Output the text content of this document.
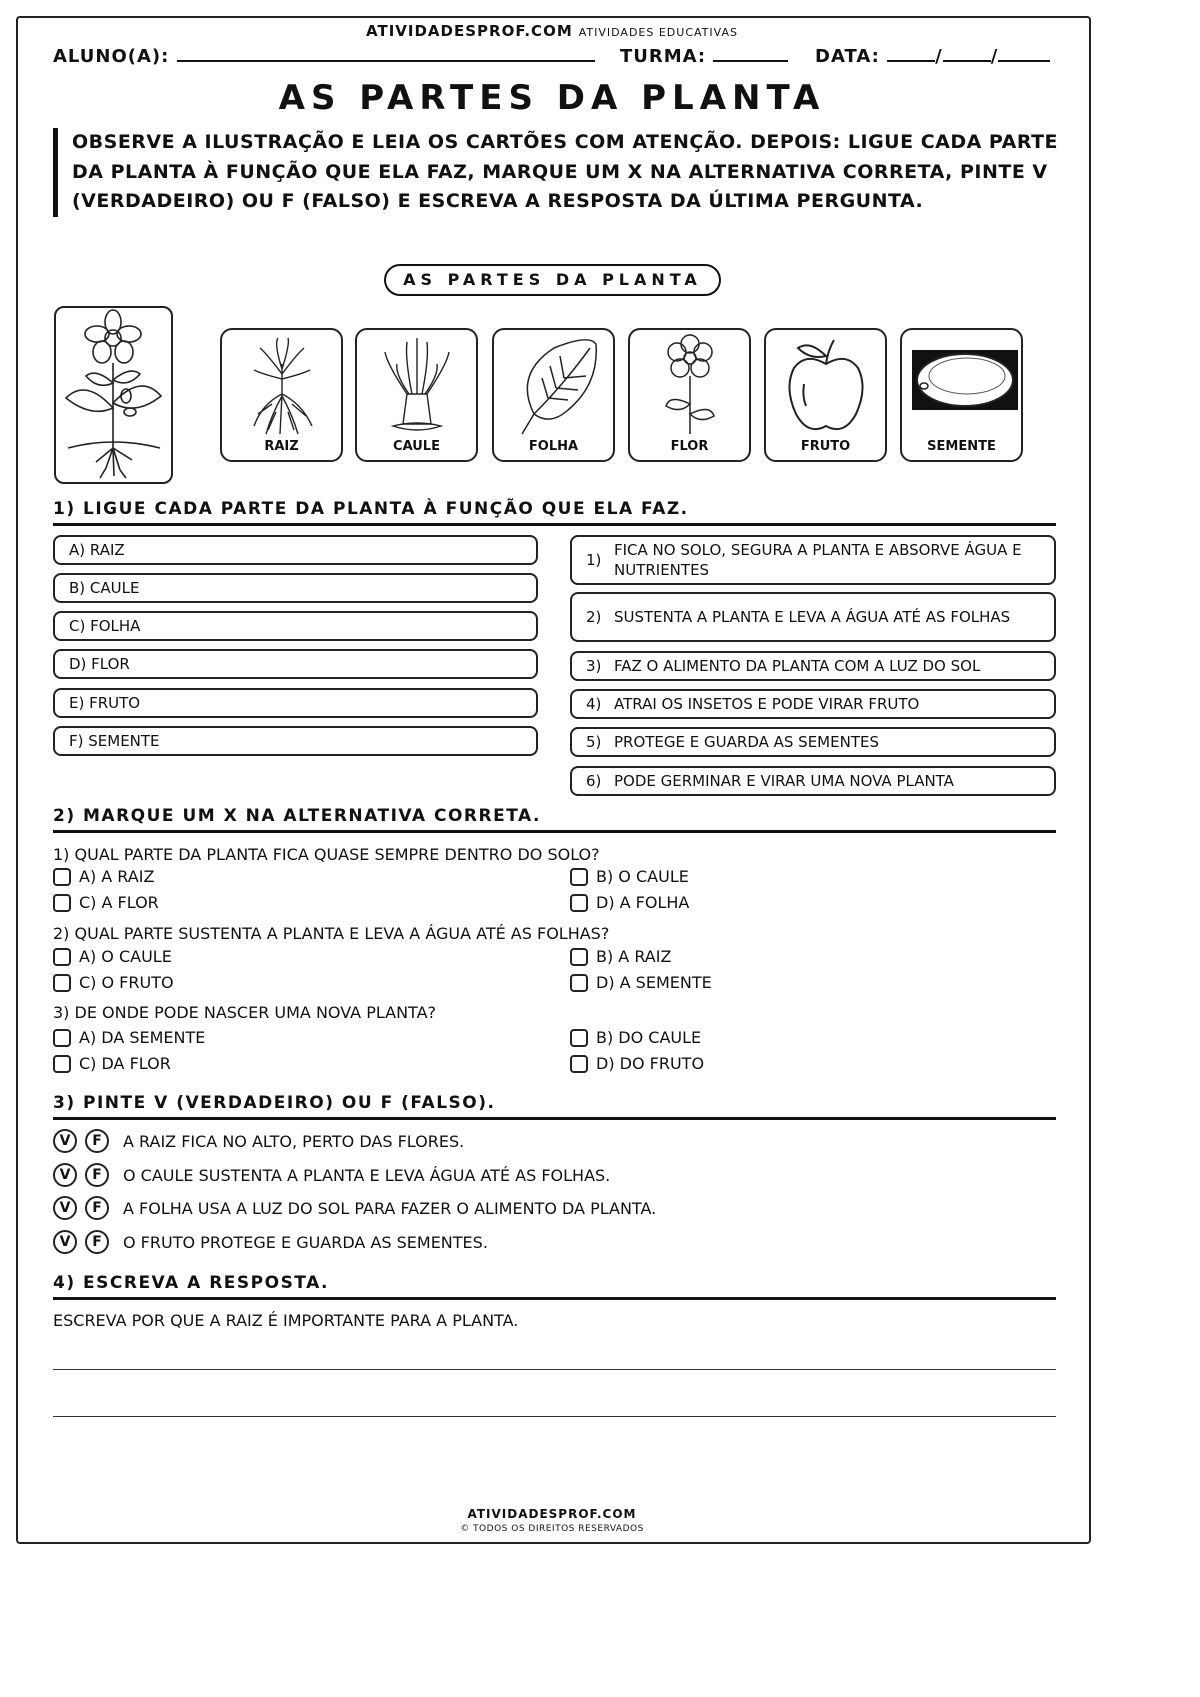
ATIVIDADESPROF.COM ATIVIDADES EDUCATIVAS
ALUNO(A):	TURMA:	DATA:	/	/
AS PARTES DA PLANTA
OBSERVE A ILUSTRAÇÃO E LEIA OS CARTÕES COM ATENÇÃO. DEPOIS: LIGUE CADA PARTE DA PLANTA À FUNÇÃO QUE ELA FAZ, MARQUE UM X NA ALTERNATIVA CORRETA, PINTE V (VERDADEIRO) OU F (FALSO) E ESCREVA A RESPOSTA DA ÚLTIMA PERGUNTA.
AS PARTES DA PLANTA
RAIZ	CAULE	FOLHA	FLOR	FRUTO	SEMENTE
1) LIGUE CADA PARTE DA PLANTA À FUNÇÃO QUE ELA FAZ.
A) RAIZ
B) CAULE
C) FOLHA
D) FLOR
E) FRUTO
F) SEMENTE
1)
FICA NO SOLO, SEGURA A PLANTA E ABSORVE ÁGUA E NUTRIENTES
2) SUSTENTA A PLANTA E LEVA A ÁGUA ATÉ AS FOLHAS
3) FAZ O ALIMENTO DA PLANTA COM A LUZ DO SOL
4) ATRAI OS INSETOS E PODE VIRAR FRUTO
5) PROTEGE E GUARDA AS SEMENTES
6) PODE GERMINAR E VIRAR UMA NOVA PLANTA
2) MARQUE UM X NA ALTERNATIVA CORRETA.
1) QUAL PARTE DA PLANTA FICA QUASE SEMPRE DENTRO DO SOLO?
A) A RAIZ	B) O CAULE
C) A FLOR	D) A FOLHA
2) QUAL PARTE SUSTENTA A PLANTA E LEVA A ÁGUA ATÉ AS FOLHAS?
A) O CAULE	B) A RAIZ
C) O FRUTO	D) A SEMENTE
3) DE ONDE PODE NASCER UMA NOVA PLANTA?
A) DA SEMENTE	B) DO CAULE
C) DA FLOR	D) DO FRUTO
3) PINTE V (VERDADEIRO) OU F (FALSO).
V	F	A RAIZ FICA NO ALTO, PERTO DAS FLORES.
V	F	O CAULE SUSTENTA A PLANTA E LEVA ÁGUA ATÉ AS FOLHAS.
V	F	A FOLHA USA A LUZ DO SOL PARA FAZER O ALIMENTO DA PLANTA.
V	F	O FRUTO PROTEGE E GUARDA AS SEMENTES.
4) ESCREVA A RESPOSTA.
ESCREVA POR QUE A RAIZ É IMPORTANTE PARA A PLANTA.
ATIVIDADESPROF.COM
© TODOS OS DIREITOS RESERVADOS
